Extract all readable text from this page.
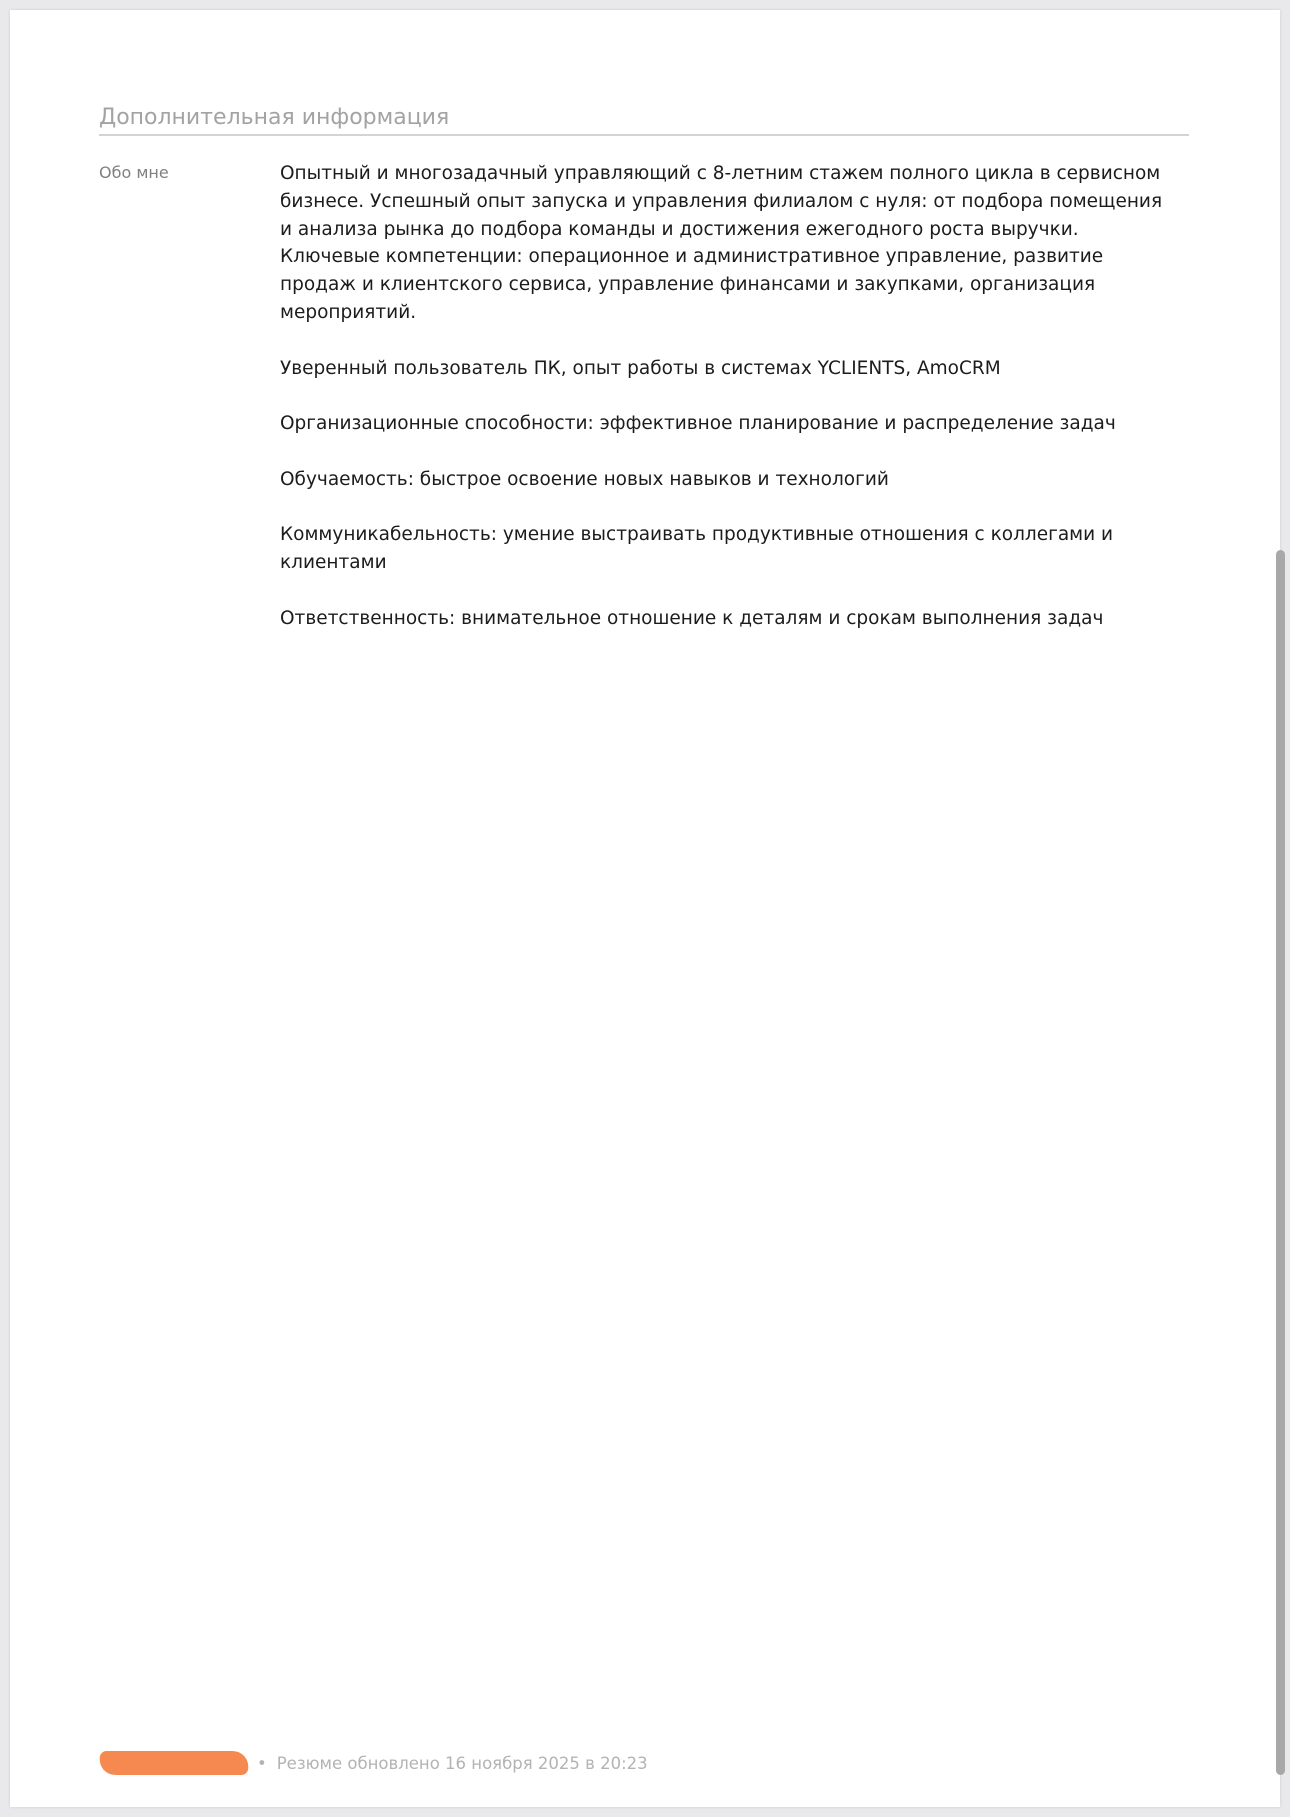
Дополнительная информация
Обо мне	Опытный и многозадачный управляющий с 8-летним стажем полного цикла в сервисном бизнесе. Успешный опыт запуска и управления филиалом с нуля: от подбора помещения и анализа рынка до подбора команды и достижения ежегодного роста выручки. Ключевые компетенции: операционное и административное управление, развитие продаж и клиентского сервиса, управление финансами и закупками, организация мероприятий.

Уверенный пользователь ПК, опыт работы в системах YCLIENTS, AmoCRM

Организационные способности: эффективное планирование и распределение задач

Обучаемость: быстрое освоение новых навыков и технологий

Коммуникабельность: умение выстраивать продуктивные отношения с коллегами и клиентами

Ответственность: внимательное отношение к деталям и срокам выполнения задач

• Резюме обновлено 16 ноября 2025 в 20:23
